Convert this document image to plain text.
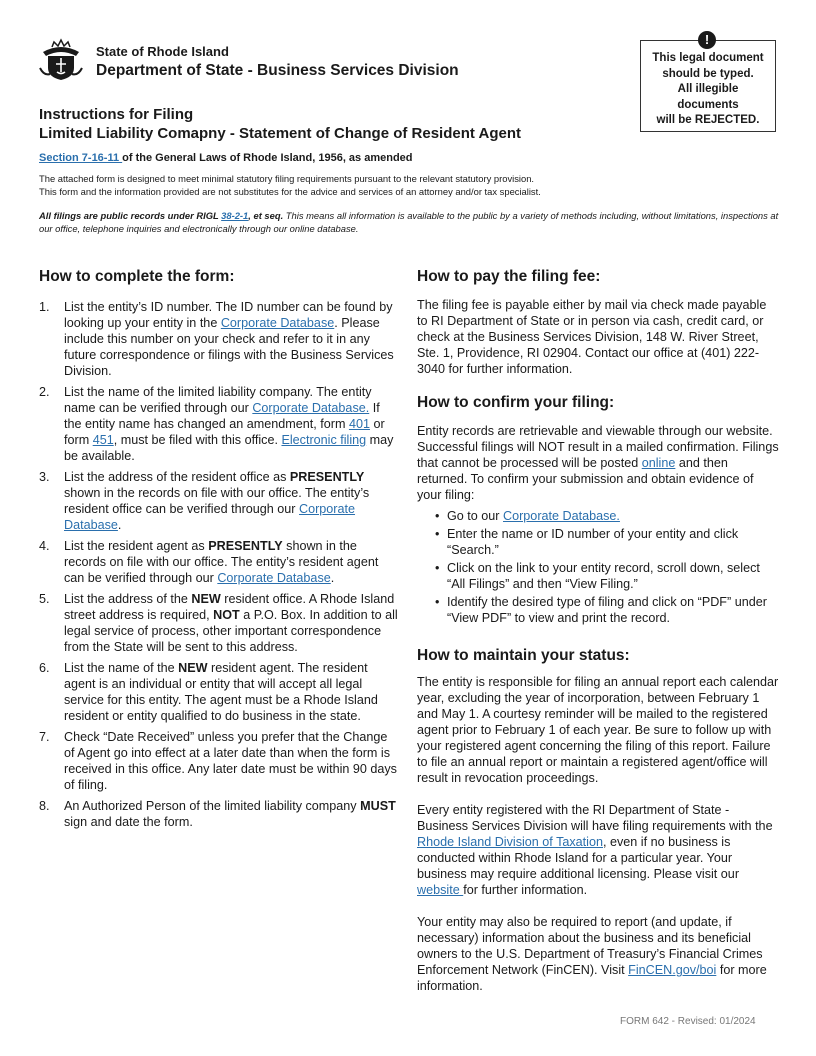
State of Rhode Island
Department of State - Business Services Division
This legal document
should be typed.
All illegible
documents
will be REJECTED.
!
Instructions for Filing
Limited Liability Comapny - Statement of Change of Resident Agent
Section 7-16-11 of the General Laws of Rhode Island, 1956, as amended
The attached form is designed to meet minimal statutory filing requirements pursuant to the relevant statutory provision.
This form and the information provided are not substitutes for the advice and services of an attorney and/or tax specialist.
All filings are public records under RIGL 38-2-1, et seq. This means all information is available to the public by a variety of methods including, without limitations, inspections at our office, telephone inquiries and electronically through our online database.
How to complete the form:
1. List the entity’s ID number. The ID number can be found by looking up your entity in the Corporate Database. Please include this number on your check and refer to it in any future correspondence or filings with the Business Services Division.
2. List the name of the limited liability company. The entity name can be verified through our Corporate Database. If the entity name has changed an amendment, form 401 or form 451, must be filed with this office. Electronic filing may be available.
3. List the address of the resident office as PRESENTLY shown in the records on file with our office. The entity’s resident office can be verified through our Corporate Database.
4. List the resident agent as PRESENTLY shown in the records on file with our office. The entity’s resident agent can be verified through our Corporate Database.
5. List the address of the NEW resident office. A Rhode Island street address is required, NOT a P.O. Box. In addition to all legal service of process, other important correspondence from the State will be sent to this address.
6. List the name of the NEW resident agent. The resident agent is an individual or entity that will accept all legal service for this entity. The agent must be a Rhode Island resident or entity qualified to do business in the state.
7. Check “Date Received” unless you prefer that the Change of Agent go into effect at a later date than when the form is received in this office. Any later date must be within 90 days of filing.
8. An Authorized Person of the limited liability company MUST sign and date the form.
How to pay the filing fee:

The filing fee is payable either by mail via check made payable to RI Department of State or in person via cash, credit card, or check at the Business Services Division, 148 W. River Street, Ste. 1, Providence, RI 02904. Contact our office at (401) 222-3040 for further information.

How to confirm your filing:

Entity records are retrievable and viewable through our website. Successful filings will NOT result in a mailed confirmation. Filings that cannot be processed will be posted online and then returned. To confirm your submission and obtain evidence of your filing:

• Go to our Corporate Database.
• Enter the name or ID number of your entity and click “Search.”
• Click on the link to your entity record, scroll down, select “All Filings” and then “View Filing.”
• Identify the desired type of filing and click on “PDF” under “View PDF” to view and print the record.
How to maintain your status:

The entity is responsible for filing an annual report each calendar year, excluding the year of incorporation, between February 1 and May 1. A courtesy reminder will be mailed to the registered agent prior to February 1 of each year. Be sure to follow up with your registered agent concerning the filing of this report. Failure to file an annual report or maintain a registered agent/office will result in revocation proceedings.

Every entity registered with the RI Department of State - Business Services Division will have filing requirements with the Rhode Island Division of Taxation, even if no business is conducted within Rhode Island for a particular year. Your business may require additional licensing. Please visit our website for further information.

Your entity may also be required to report (and update, if necessary) information about the business and its beneficial owners to the U.S. Department of Treasury’s Financial Crimes Enforcement Network (FinCEN). Visit FinCEN.gov/boi for more information.

FORM 642 - Revised: 01/2024
